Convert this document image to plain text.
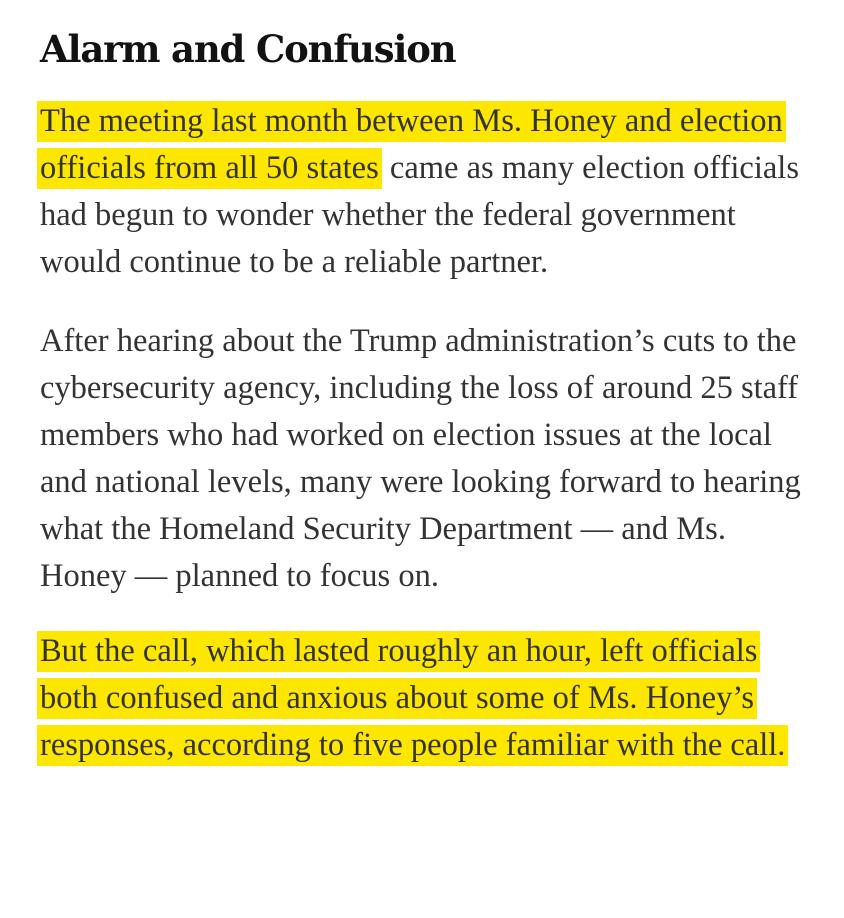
Alarm and Confusion

The meeting last month between Ms. Honey and election officials from all 50 states came as many election officials had begun to wonder whether the federal government would continue to be a reliable partner.

After hearing about the Trump administration’s cuts to the cybersecurity agency, including the loss of around 25 staff members who had worked on election issues at the local and national levels, many were looking forward to hearing what the Homeland Security Department — and Ms. Honey — planned to focus on.

But the call, which lasted roughly an hour, left officials both confused and anxious about some of Ms. Honey’s responses, according to five people familiar with the call.
